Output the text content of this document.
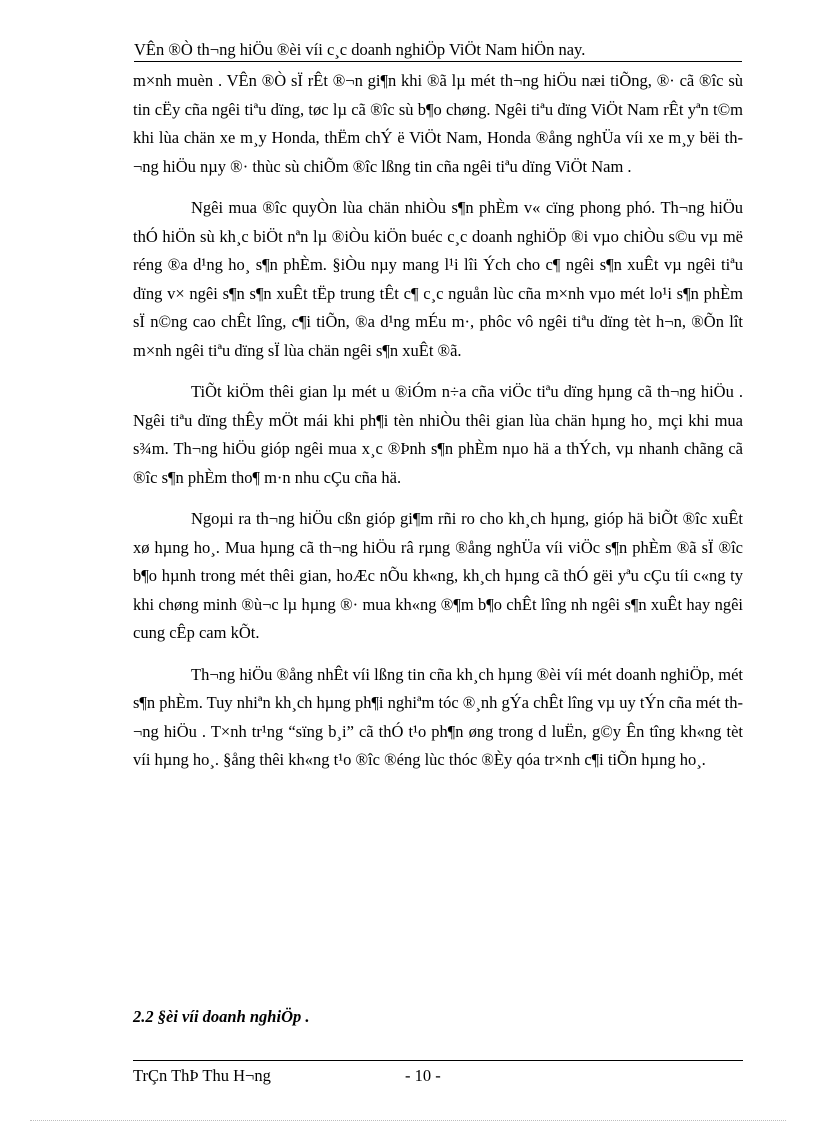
VÊn ®Ò th¬ng hiÖu ®èi víi c¸c doanh nghiÖp ViÖt Nam hiÖn nay.

m×nh muèn . VÊn ®Ò sÏ rÊt ®¬n gi¶n khi ®ã lµ mét th¬ng hiÖu næi tiÕng, ®· cã ®îc sù tin cËy cña ngêi tiªu dïng, tøc lµ cã ®îc sù b¶o chøng. Ngêi tiªu dïng ViÖt Nam rÊt yªn t©m khi lùa chän xe m¸y Honda, thËm chÝ ë ViÖt Nam, Honda ®ång nghÜa víi xe m¸y bëi th¬ng hiÖu nµy ®· thùc sù chiÕm ®îc lßng tin cña ngêi tiªu dïng ViÖt Nam .

Ngêi mua ®îc quyÒn lùa chän nhiÒu s¶n phÈm v« cïng phong phó. Th¬ng hiÖu thÓ hiÖn sù kh¸c biÖt nªn lµ ®iÒu kiÖn buéc c¸c doanh nghiÖp ®i vµo chiÒu s©u vµ më réng ®a d¹ng ho¸ s¶n phÈm. §iÒu nµy mang l¹i lîi Ých cho c¶ ngêi s¶n xuÊt vµ ngêi tiªu dïng v× ngêi s¶n s¶n xuÊt tËp trung tÊt c¶ c¸c nguån lùc cña m×nh vµo mét lo¹i s¶n phÈm sÏ n©ng cao chÊt lîng, c¶i tiÕn, ®a d¹ng mÉu m·, phôc vô ngêi tiªu dïng tèt h¬n, ®Õn lît m×nh ngêi tiªu dïng sÏ lùa chän ngêi s¶n xuÊt ®ã.

TiÕt kiÖm thêi gian lµ mét u ®iÓm n÷a cña viÖc tiªu dïng hµng cã th¬ng hiÖu . Ngêi tiªu dïng thÊy mÖt mái khi ph¶i tèn nhiÒu thêi gian lùa chän hµng ho¸ mçi khi mua s¾m. Th¬ng hiÖu gióp ngêi mua x¸c ®Þnh s¶n phÈm nµo hä a thÝch, vµ nhanh chãng cã ®îc s¶n phÈm tho¶ m·n nhu cÇu cña hä.

Ngoµi ra th¬ng hiÖu cßn gióp gi¶m rñi ro cho kh¸ch hµng, gióp hä biÕt ®îc xuÊt xø hµng ho¸. Mua hµng cã th¬ng hiÖu râ rµng ®ång nghÜa víi viÖc s¶n phÈm ®ã sÏ ®îc b¶o hµnh trong mét thêi gian, hoÆc nÕu kh«ng, kh¸ch hµng cã thÓ gëi yªu cÇu tíi c«ng ty khi chøng minh ®ù¬c lµ hµng ®· mua kh«ng ®¶m b¶o chÊt lîng nh ngêi s¶n xuÊt hay ngêi cung cÊp cam kÕt.

Th¬ng hiÖu ®ång nhÊt víi lßng tin cña kh¸ch hµng ®èi víi mét doanh nghiÖp, mét s¶n phÈm. Tuy nhiªn kh¸ch hµng ph¶i nghiªm tóc ®¸nh gÝa chÊt lîng vµ uy tÝn cña mét th¬ng hiÖu . T×nh tr¹ng “sïng b¸i” cã thÓ t¹o ph¶n øng trong d luËn, g©y Ên tîng kh«ng tèt víi hµng ho¸. §ång thêi kh«ng t¹o ®îc ®éng lùc thóc ®Èy qóa tr×nh c¶i tiÕn hµng ho¸.

2.2 §èi víi doanh nghiÖp .
TrÇn ThÞ Thu H¬ng	- 10 -
